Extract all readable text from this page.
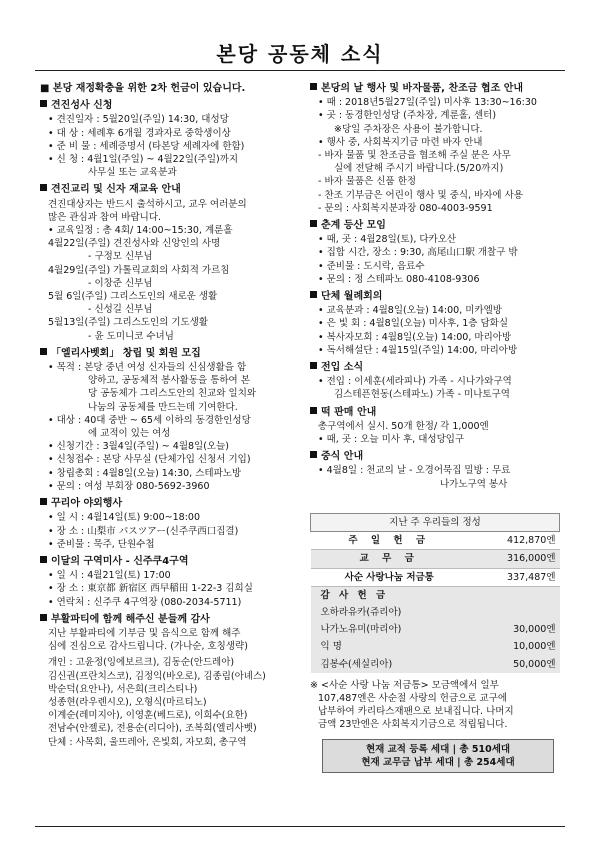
본당 공동체 소식
■ 본당 재정확충을 위한 2차 헌금이 있습니다.
견진성사 신청
• 견진일자 : 5월20일(주일) 14:30, 대성당
• 대 상 : 세례후 6개월 경과자로 중학생이상
• 준 비 물 : 세례증명서 (타본당 세례자에 한함)
• 신 청 : 4월1일(주일) ~ 4월22일(주일)까지
사무실 또는 교육분과
견진교리 및 신자 재교육 안내
견진대상자는 반드시 출석하시고, 교우 여러분의
많은 관심과 참여 바랍니다.
• 교육일정 : 총 4회/ 14:00~15:30, 계룬홀
4월22일(주일) 견진성사와 신앙인의 사명
- 구정모 신부님
4월29일(주일) 가톨릭교회의 사회적 가르침
- 이창준 신부님
5월 6일(주일) 그리스도인의 새로운 생활
- 신성길 신부님
5월13일(주일) 그리스도인의 기도생활
- 윤 도미니코 수녀님
「엘리사벳회」 창립 및 회원 모집
• 목적 : 본당 중년 여성 신자들의 신심생활을 함
양하고, 공동체적 봉사활동을 통하여 본
당 공동체가 그리스도안의 친교와 일치와
나눔의 공동체를 만드는데 기여한다.
• 대상 : 40대 중반 ~ 65세 이하의 동경한인성당
에 교적이 있는 여성
• 신청기간 : 3월4일(주일) ~ 4월8일(오늘)
• 신청접수 : 본당 사무실 (단체가입 신청서 기입)
• 창립총회 : 4월8일(오늘) 14:30, 스테파노방
• 문의 : 여성 부회장 080-5692-3960
꾸리아 야외행사
• 일 시 : 4월14일(토) 9:00~18:00
• 장 소 : 山梨市 パスツアー(신주쿠西口집결)
• 준비물 : 묵주, 단원수첩
이달의 구역미사 - 신주쿠4구역
• 일 시 : 4월21일(토) 17:00
• 장 소 : 東京都 新宿区 西早稲田 1-22-3 김희실
• 연락처 : 신주쿠 4구역장 (080-2034-5711)
부활파티에 함께 해주신 분들께 감사
지난 부활파티에 기부금 및 음식으로 함께 해주
심에 진심으로 감사드립니다. (가나순, 호칭생략)
개인 : 고윤정(잉에보르크), 김동순(안드레아)
김신권(프란치스코), 김정익(바오로), 김종림(아녜스)
박순덕(요안나), 서은희(크리스티나)
성종현(라우렌시오), 오형식(마르티노)
이계순(레미지아), 이영훈(베드로), 이희수(요한)
전남수(안젤로), 전용순(리디아), 조복희(엘리사벳)
단체 : 사목회, 울뜨레아, 은빛회, 자모회, 총구역
본당의 날 행사 및 바자물품, 찬조금 협조 안내
• 때 : 2018년5월27일(주일) 미사후 13:30~16:30
• 곳 : 동경한인성당 (주차장, 계룬홀, 센터)
※당일 주차장은 사용이 불가합니다.
• 행사 중, 사회복지기금 마련 바자 안내
- 바자 물품 및 찬조금을 협조해 주실 분은 사무
실에 전달해 주시기 바랍니다.(5/20까지)
- 바자 물품은 신품 한정
- 찬조 기부금은 어린이 행사 및 중식, 바자에 사용
- 문의 : 사회복지분과장 080-4003-9591
춘계 등산 모임
• 때, 곳 : 4월28일(토), 다카오산
• 집합 시간, 장소 : 9:30, 高尾山口駅 개찰구 밖
• 준비물 : 도시락, 음료수
• 문의 : 정 스테파노 080-4108-9306
단체 월례회의
• 교육분과 : 4월8일(오늘) 14:00, 미카엘방
• 은 빛 회 : 4월8일(오늘) 미사후, 1층 담화실
• 복사자모회 : 4월8일(오늘) 14:00, 마리아방
• 독서해설단 : 4월15일(주일) 14:00, 마리아방
전입 소식
• 전입 : 이세훈(세라피나) 가족 - 시나가와구역
김스테픈현동(스테파노) 가족 - 미나토구역
떡 판매 안내
총구역에서 실시. 50개 한정/ 각 1,000엔
• 때, 곳 : 오늘 미사 후, 대성당입구
중식 안내
• 4월8일 : 천교의 날 - 오경어묵집 밀방 : 무료
나가노구역 봉사
지난 주 우리들의 정성	
주 일 헌 금	412,870엔
교 무 금	316,000엔
사순 사랑나눔 저금통	337,487엔
감 사 헌 금	
오하라유카(쥬리아)	
나가노유미(마리아)	30,000엔
익 명	10,000엔
김봉수(세실리아)	50,000엔
※ <사순 사랑 나눔 저금통> 모금액에서 일부
107,487엔은 사순절 사랑의 헌금으로 교구에
납부하여 카리타스재팬으로 보내집니다. 나머지
금액 23만엔은 사회복지기금으로 적립됩니다.
현재 교적 등록 세대 | 총 510세대
현재 교무금 납부 세대 | 총 254세대
